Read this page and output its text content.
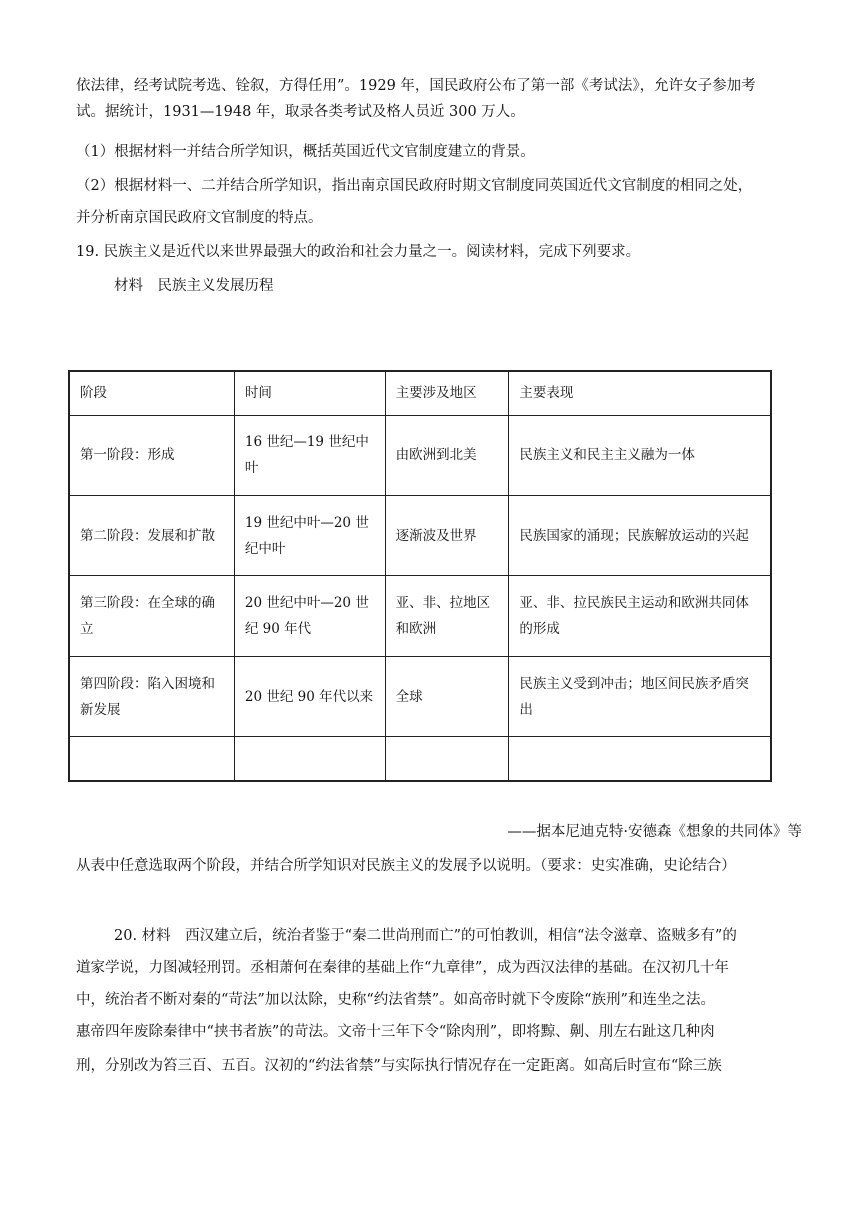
依法律，经考试院考选、铨叙，方得任用”。1929 年，国民政府公布了第一部《考试法》，允许女子参加考
试。据统计，1931—1948 年，取录各类考试及格人员近 300 万人。
（1）根据材料一并结合所学知识，概括英国近代文官制度建立的背景。
（2）根据材料一、二并结合所学知识，指出南京国民政府时期文官制度同英国近代文官制度的相同之处，
并分析南京国民政府文官制度的特点。
19. 民族主义是近代以来世界最强大的政治和社会力量之一。阅读材料，完成下列要求。
材料　民族主义发展历程
阶段	时间	主要涉及地区	主要表现
第一阶段：形成	16 世纪—19 世纪中叶	由欧洲到北美	民族主义和民主主义融为一体
第二阶段：发展和扩散	19 世纪中叶—20 世纪中叶	逐渐波及世界	民族国家的涌现；民族解放运动的兴起
第三阶段：在全球的确立	20 世纪中叶—20 世纪 90 年代	亚、非、拉地区和欧洲	亚、非、拉民族民主运动和欧洲共同体的形成
第四阶段：陷入困境和新发展	20 世纪 90 年代以来	全球	民族主义受到冲击；地区间民族矛盾突出

——据本尼迪克特·安德森《想象的共同体》等
从表中任意选取两个阶段，并结合所学知识对民族主义的发展予以说明。（要求：史实准确，史论结合）
20. 材料　西汉建立后，统治者鉴于“秦二世尚刑而亡”的可怕教训，相信“法令滋章、盗贼多有”的
道家学说，力图减轻刑罚。丞相萧何在秦律的基础上作“九章律”，成为西汉法律的基础。在汉初几十年
中，统治者不断对秦的“苛法”加以汰除，史称“约法省禁”。如高帝时就下令废除“族刑”和连坐之法。
惠帝四年废除秦律中“挟书者族”的苛法。文帝十三年下令“除肉刑”，即将黥、劓、刖左右趾这几种肉
刑，分别改为笞三百、五百。汉初的“约法省禁”与实际执行情况存在一定距离。如高后时宣布“除三族
